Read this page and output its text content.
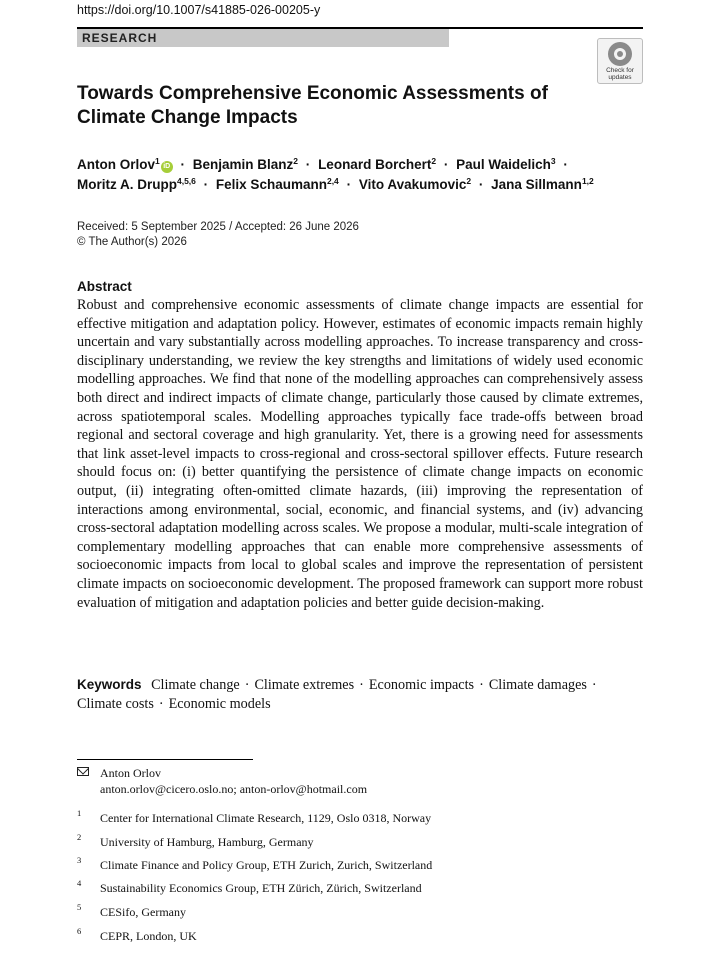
https://doi.org/10.1007/s41885-026-00205-y
RESEARCH
Check for updates
Towards Comprehensive Economic Assessments of Climate Change Impacts
Anton Orlov$^1$iD · Benjamin Blanz$^2$ · Leonard Borchert$^2$ · Paul Waidelich$^3$ ·
Moritz A. Drupp$^{4,5,6}$ · Felix Schaumann$^{2,4}$ · Vito Avakumovic$^2$ · Jana Sillmann$^{1,2}$
Received: 5 September 2025 / Accepted: 26 June 2026
© The Author(s) 2026
Abstract
Robust and comprehensive economic assessments of climate change impacts are essential for effective mitigation and adaptation policy. However, estimates of economic impacts remain highly uncertain and vary substantially across modelling approaches. To increase transparency and cross-disciplinary understanding, we review the key strengths and limitations of widely used economic modelling approaches. We find that none of the modelling approaches can comprehensively assess both direct and indirect impacts of climate change, particularly those caused by climate extremes, across spatiotemporal scales. Modelling approaches typically face trade-offs between broad regional and sectoral coverage and high granularity. Yet, there is a growing need for assessments that link asset-level impacts to cross-regional and cross-sectoral spillover effects. Future research should focus on: (i) better quantifying the persistence of climate change impacts on economic output, (ii) integrating often-omitted climate hazards, (iii) improving the representation of interactions among environmental, social, economic, and financial systems, and (iv) advancing cross-sectoral adaptation modelling across scales. We propose a modular, multi-scale integration of complementary modelling approaches that can enable more comprehensive assessments of socioeconomic impacts from local to global scales and improve the representation of persistent climate impacts on socioeconomic development. The proposed framework can support more robust evaluation of mitigation and adaptation policies and better guide decision-making.
Keywords Climate change · Climate extremes · Economic impacts · Climate damages · Climate costs · Economic models
Anton Orlov
anton.orlov@cicero.oslo.no; anton-orlov@hotmail.com
1 Center for International Climate Research, 1129, Oslo 0318, Norway
2 University of Hamburg, Hamburg, Germany
3 Climate Finance and Policy Group, ETH Zurich, Zurich, Switzerland
4 Sustainability Economics Group, ETH Zürich, Zürich, Switzerland
5 CESifo, Germany
6 CEPR, London, UK
